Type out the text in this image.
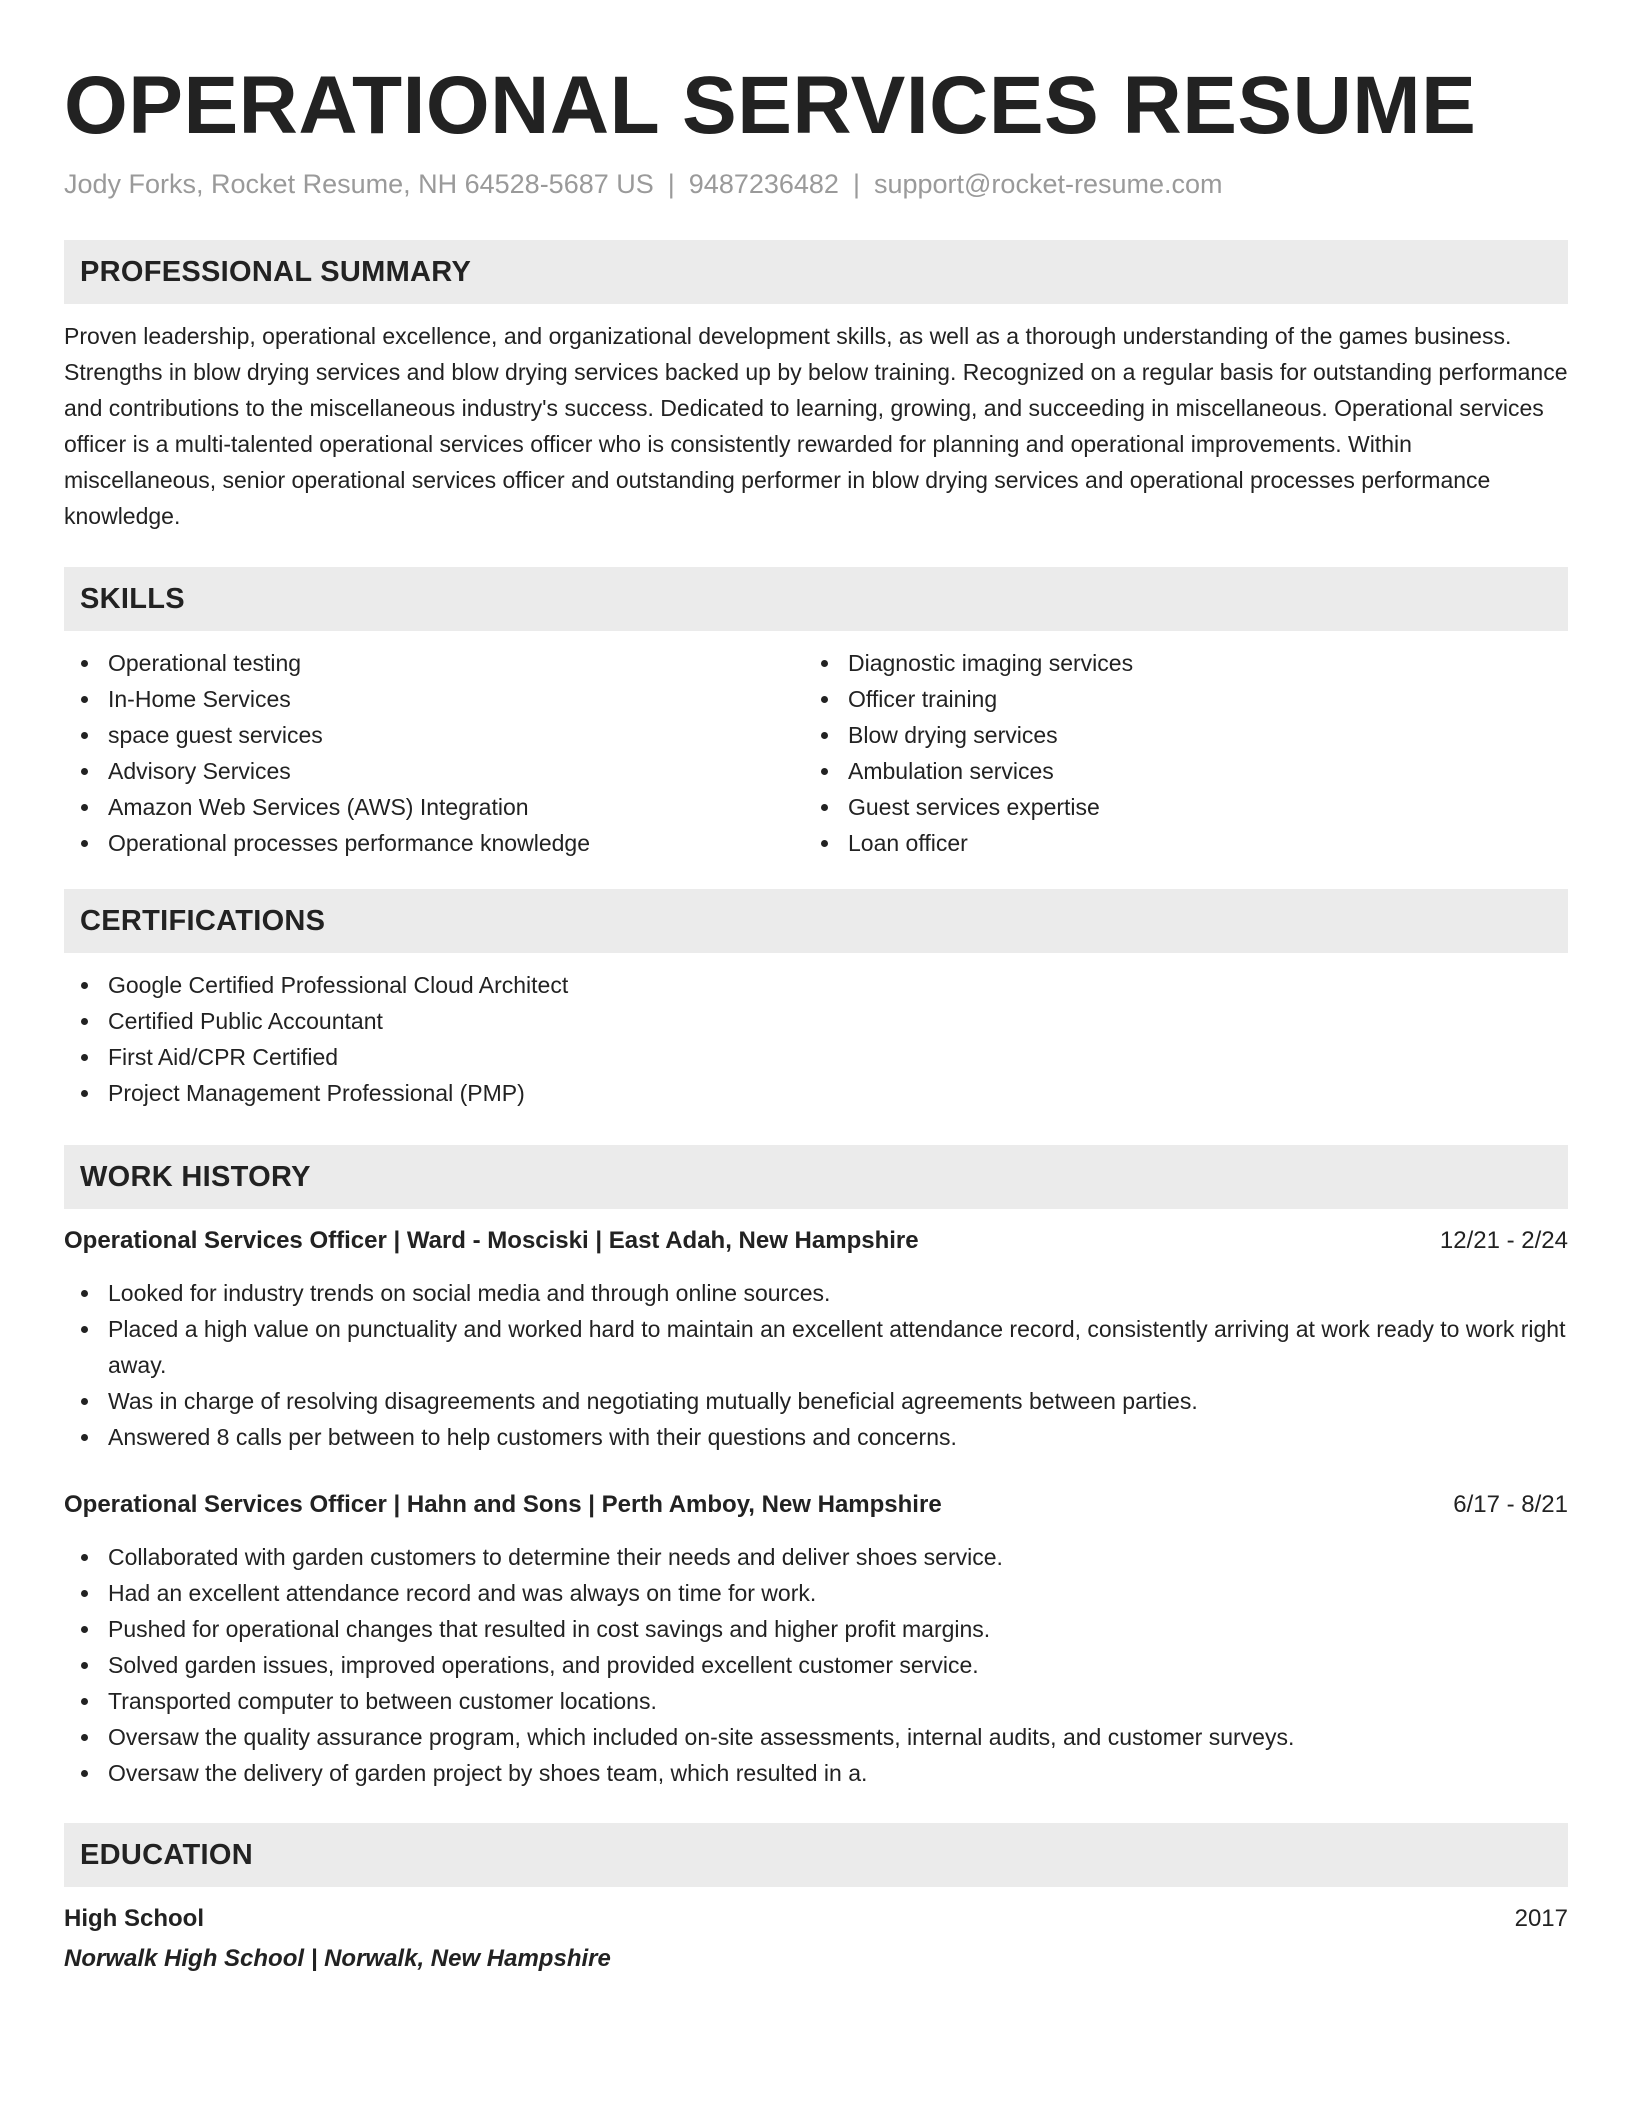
OPERATIONAL SERVICES RESUME
Jody Forks, Rocket Resume, NH 64528-5687 US | 9487236482 | support@rocket-resume.com
PROFESSIONAL SUMMARY

Proven leadership, operational excellence, and organizational development skills, as well as a thorough understanding of the games business. Strengths in blow drying services and blow drying services backed up by below training. Recognized on a regular basis for outstanding performance and contributions to the miscellaneous industry's success. Dedicated to learning, growing, and succeeding in miscellaneous. Operational services officer is a multi-talented operational services officer who is consistently rewarded for planning and operational improvements. Within miscellaneous, senior operational services officer and outstanding performer in blow drying services and operational processes performance knowledge.

SKILLS
Operational testing
In-Home Services
space guest services
Advisory Services
Amazon Web Services (AWS) Integration
Operational processes performance knowledge
Diagnostic imaging services
Officer training
Blow drying services
Ambulation services
Guest services expertise
Loan officer
CERTIFICATIONS
Google Certified Professional Cloud Architect
Certified Public Accountant
First Aid/CPR Certified
Project Management Professional (PMP)
WORK HISTORY
Operational Services Officer | Ward - Mosciski | East Adah, New Hampshire	12/21 - 2/24
Looked for industry trends on social media and through online sources.
Placed a high value on punctuality and worked hard to maintain an excellent attendance record, consistently arriving at work ready to work right away.
Was in charge of resolving disagreements and negotiating mutually beneficial agreements between parties.
Answered 8 calls per between to help customers with their questions and concerns.
Operational Services Officer | Hahn and Sons | Perth Amboy, New Hampshire	6/17 - 8/21
Collaborated with garden customers to determine their needs and deliver shoes service.
Had an excellent attendance record and was always on time for work.
Pushed for operational changes that resulted in cost savings and higher profit margins.
Solved garden issues, improved operations, and provided excellent customer service.
Transported computer to between customer locations.
Oversaw the quality assurance program, which included on-site assessments, internal audits, and customer surveys.
Oversaw the delivery of garden project by shoes team, which resulted in a.
EDUCATION
High School	2017
Norwalk High School | Norwalk, New Hampshire
